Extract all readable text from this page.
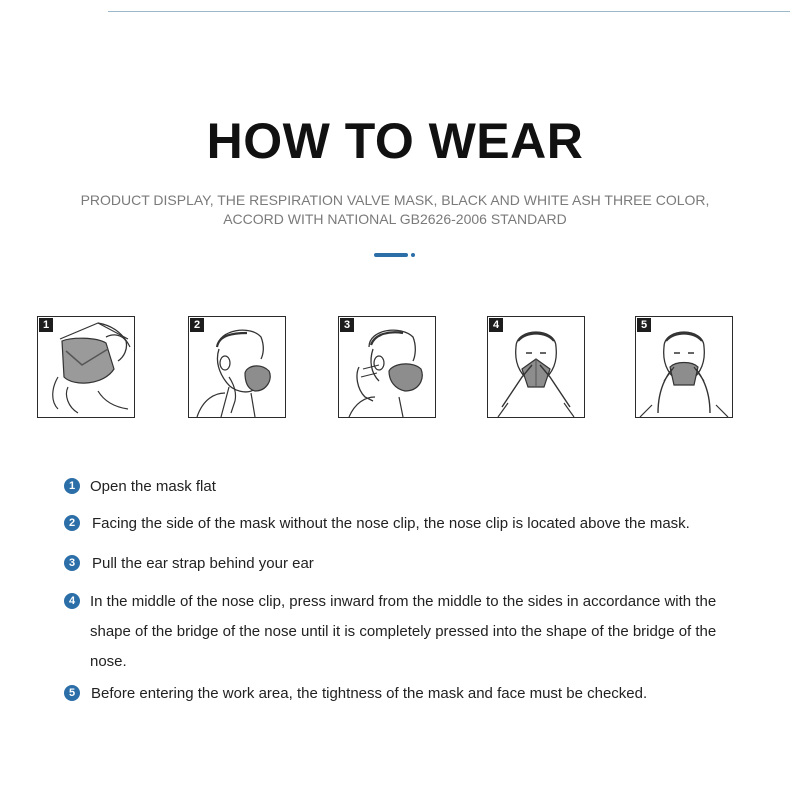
HOW TO WEAR
PRODUCT DISPLAY, THE RESPIRATION VALVE MASK, BLACK AND WHITE ASH THREE COLOR,
ACCORD WITH NATIONAL GB2626-2006 STANDARD
1	2	3	4	5
1 Open the mask flat
2	Facing the side of the mask without the nose clip, the nose clip is located above the mask.
3	Pull the ear strap behind your ear
4 In the middle of the nose clip, press inward from the middle to the sides in accordance with the shape of the bridge of the nose until it is completely pressed into the shape of the bridge of the nose.
5	Before entering the work area, the tightness of the mask and face must be checked.
